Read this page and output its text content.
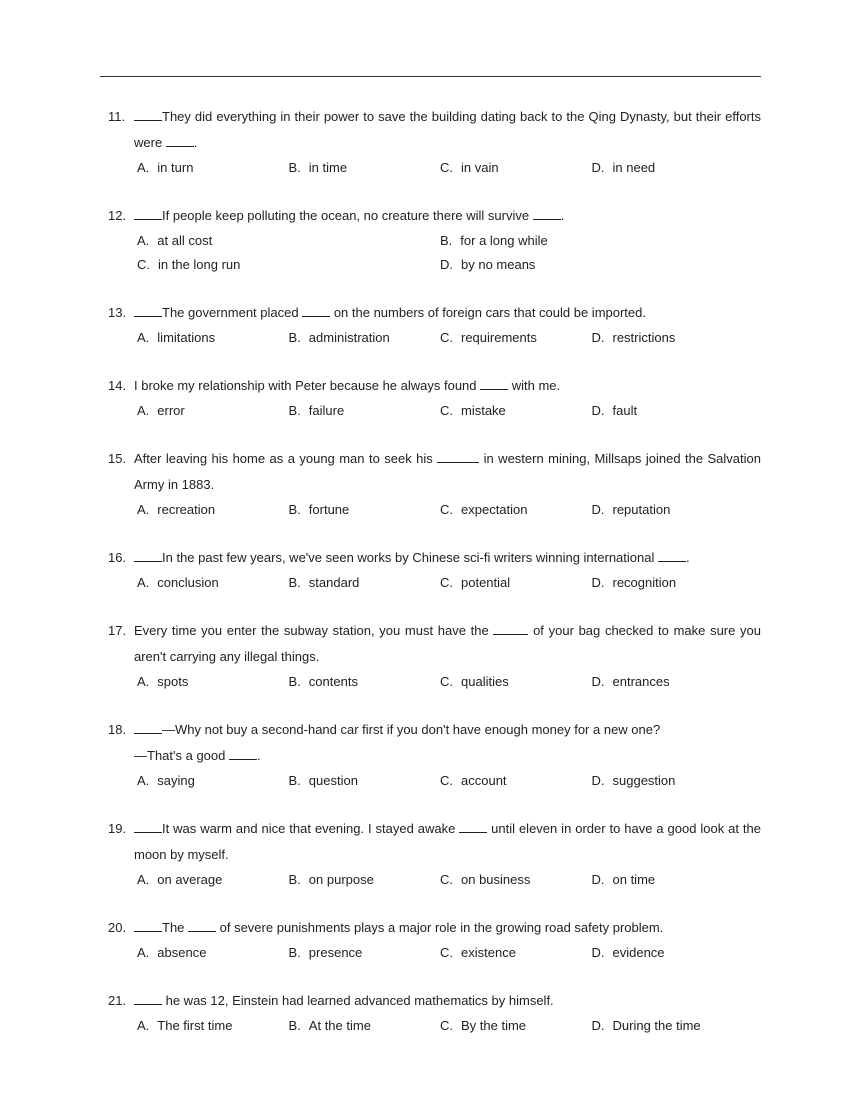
11.	They did everything in their power to save the building dating back to the Qing Dynasty, but their efforts were .
A. in turn	B. in time	C. in vain	D. in need
12.	If people keep polluting the ocean, no creature there will survive .
A. at all cost	B. for a long while
C. in the long run	D. by no means
13.	The government placed  on the numbers of foreign cars that could be imported.
A. limitations	B. administration	C. requirements	D. restrictions
14. I broke my relationship with Peter because he always found  with me.
A. error	B. failure	C. mistake	D. fault
15. After leaving his home as a young man to seek his	in western mining, Millsaps joined the Salvation Army in 1883.
A. recreation	B. fortune	C. expectation	D. reputation
16.	In the past few years, we've seen works by Chinese sci-fi writers winning international .
A. conclusion	B. standard	C. potential	D. recognition
17. Every time you enter the subway station, you must have the	of your bag checked to make sure you aren't carrying any illegal things.
A. spots	B. contents	C. qualities	D. entrances
18.	—Why not buy a second-hand car first if you don't have enough money for a new one?
—That's a good .
A. saying	B. question	C. account	D. suggestion
19.	It was warm and nice that evening. I stayed awake  until eleven in order to have a good look at the moon by myself.
A. on average	B. on purpose	C. on business	D. on time
20.	The  of severe punishments plays a major role in the growing road safety problem.
A. absence	B. presence	C. existence	D. evidence
21.	he was 12, Einstein had learned advanced mathematics by himself.
A. The first time	B. At the time	C. By the time	D. During the time
